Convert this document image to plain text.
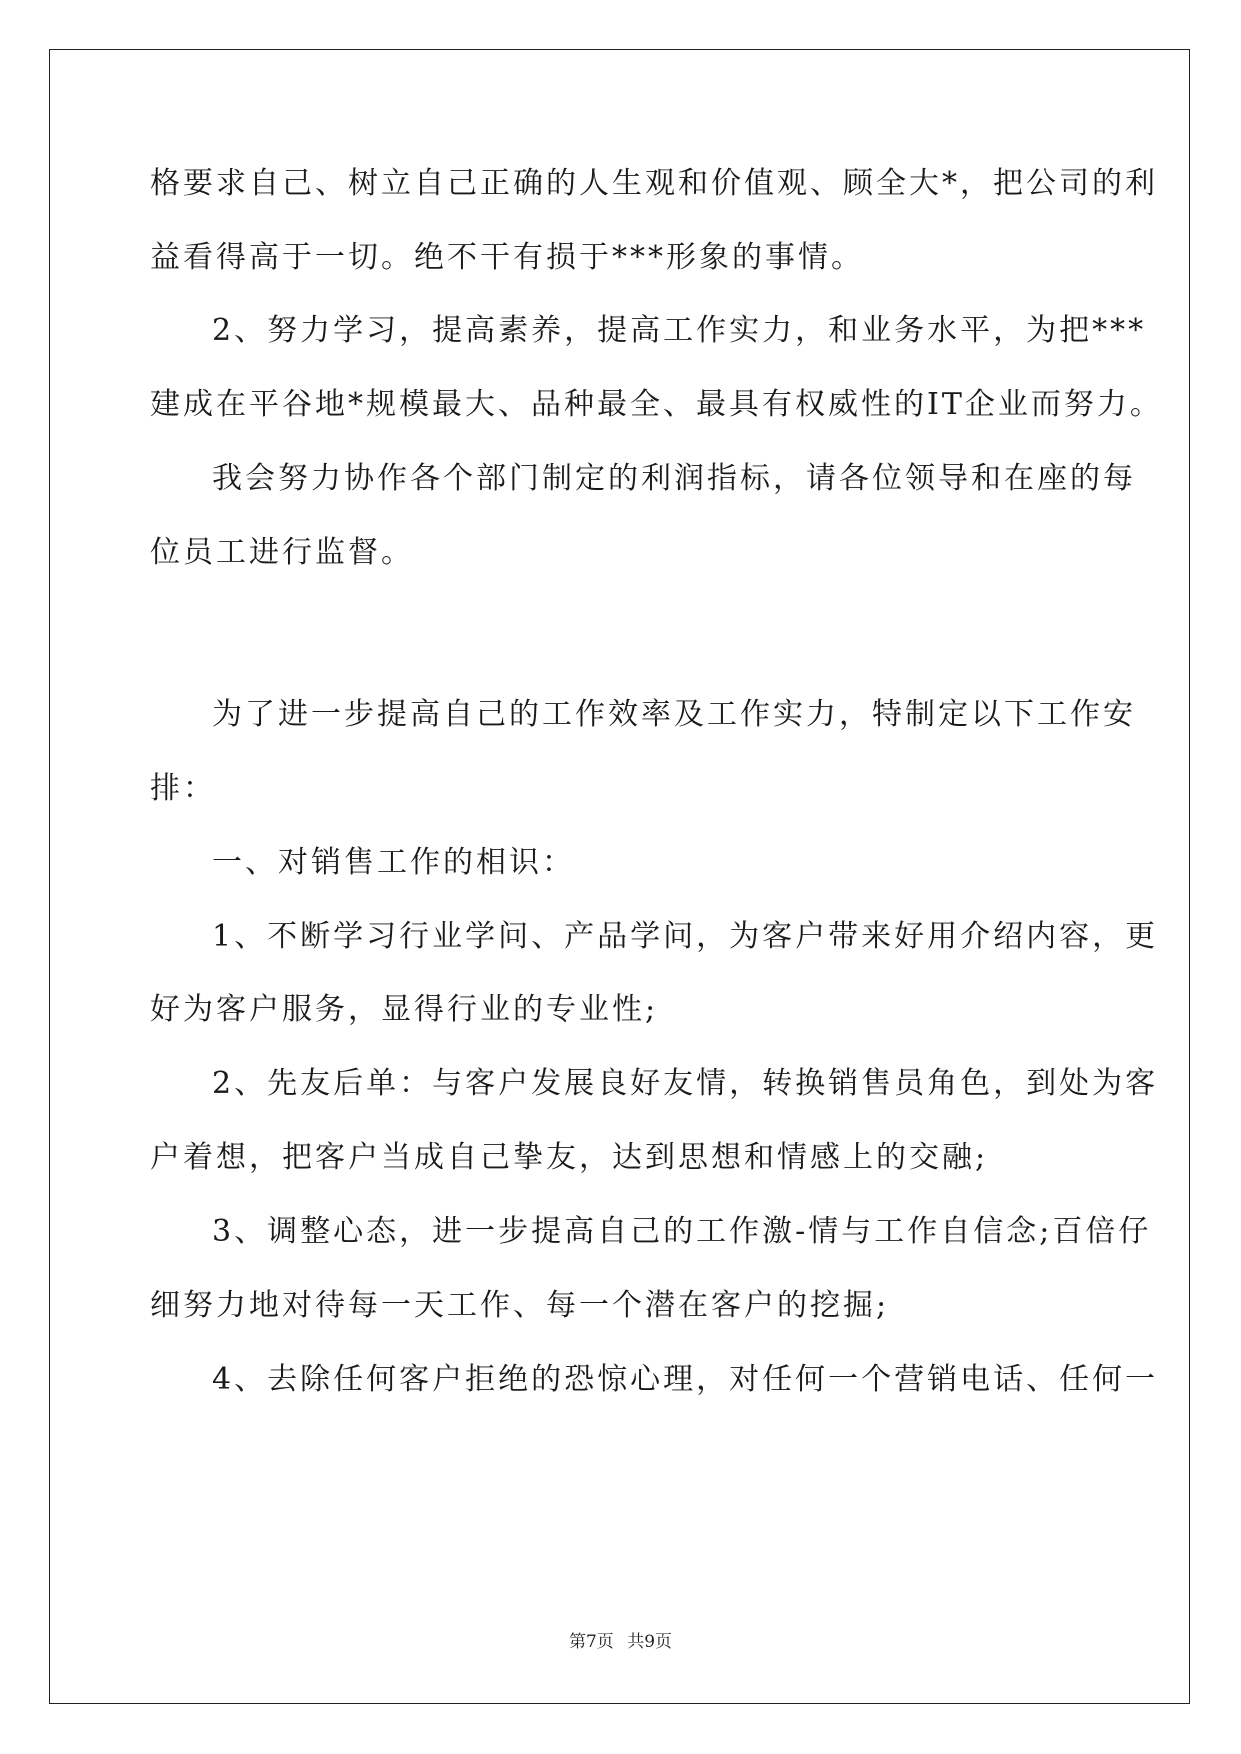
格要求自己、树立自己正确的人生观和价值观、顾全大*，把公司的利
益看得高于一切。绝不干有损于***形象的事情。
2、努力学习，提高素养，提高工作实力，和业务水平，为把***
建成在平谷地*规模最大、品种最全、最具有权威性的IT企业而努力。
我会努力协作各个部门制定的利润指标，请各位领导和在座的每
位员工进行监督。
为了进一步提高自己的工作效率及工作实力，特制定以下工作安
排：
一、对销售工作的相识：
1、不断学习行业学问、产品学问，为客户带来好用介绍内容，更
好为客户服务，显得行业的专业性;
2、先友后单：与客户发展良好友情，转换销售员角色，到处为客
户着想，把客户当成自己挚友，达到思想和情感上的交融;
3、调整心态，进一步提高自己的工作激-情与工作自信念;百倍仔
细努力地对待每一天工作、每一个潜在客户的挖掘;
4、去除任何客户拒绝的恐惊心理，对任何一个营销电话、任何一
第7页 共9页
